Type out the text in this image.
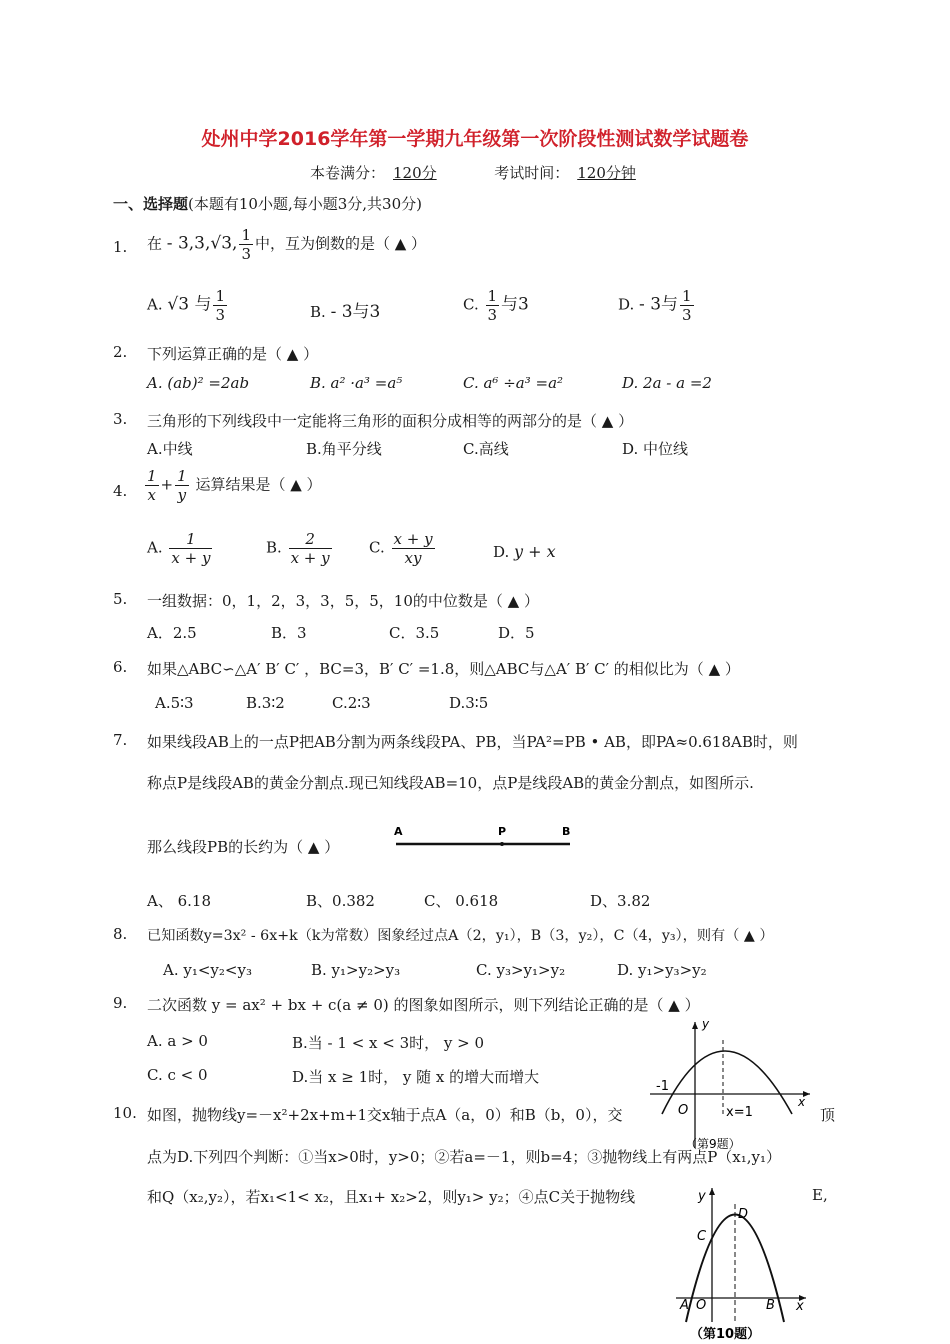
处州中学2016学年第一学期九年级第一次阶段性测试数学试题卷
本卷满分： 120分	考试时间： 120分钟
一、选择题(本题有10小题,每小题3分,共30分)
1. 在 - 3,3,√3, $\frac{1}{3}$ 中，互为倒数的是（ ▲ ）
A. √3 与 $\frac{1}{3}$	B. - 3与3	C. $\frac{1}{3}$ 与3	D. - 3与 $\frac{1}{3}$
2. 下列运算正确的是（ ▲ ）
A. (ab)² =2ab	B. a² ·a³ =a⁵	C. a⁶ ÷a³ =a²	D. 2a - a =2
3. 三角形的下列线段中一定能将三角形的面积分成相等的两部分的是（ ▲ ）
A.中线	B.角平分线	C.高线	D. 中位线
4. $\frac{1}{x} + \frac{1}{y}$ 运算结果是（ ▲ ）
A. $\frac{1}{x + y}$	B. $\frac{2}{x + y} C$. $\frac{x + y}{xy}$	D. y + x
5. 一组数据：0，1，2，3，3，5，5，10的中位数是（ ▲ ）
A．2.5	B．3	C．3.5	D．5
6. 如果△ABC∽△A′ B′ C′ ，BC=3，B′ C′ =1.8，则△ABC与△A′ B′ C′ 的相似比为（ ▲ ）
A.5∶3	B.3∶2	C.2∶3	D.3∶5
7. 如果线段AB上的一点P把AB分割为两条线段PA、PB，当PA²=PB • AB，即PA≈0.618AB时，则
称点P是线段AB的黄金分割点.现已知线段AB=10，点P是线段AB的黄金分割点，如图所示.
那么线段PB的长约为（ ▲ ）
A	P	B
A、 6.18	B、0.382	C、 0.618	D、3.82
8. 已知函数y=3x² - 6x+k（k为常数）图象经过点A（2，y₁），B（3，y₂），C（4，y₃），则有（ ▲ ）
A. y₁<y₂<y₃	B. y₁>y₂>y₃	C. y₃>y₁>y₂	D. y₁>y₃>y₂
9. 二次函数 y = ax² + bx + c(a ≠ 0) 的图象如图所示，则下列结论正确的是（ ▲ ）
A. a > 0	B.当 - 1 < x < 3时， y > 0
C. c < 0	D.当 x ≥ 1时， y 随 x 的增大而增大
y
x
O
-1
x=1
（第9题）
10. 如图，抛物线y=－x²+2x+m+1交x轴于点A（a，0）和B（b，0），交	顶
点为D.下列四个判断：①当x>0时，y>0；②若a=－1，则b=4；③抛物线上有两点P（x₁,y₁）
和Q（x₂,y₂），若x₁<1< x₂，且x₁+ x₂>2，则y₁> y₂；④点C关于抛物线	E,
y
D
C
A O	B x
（第10题）
